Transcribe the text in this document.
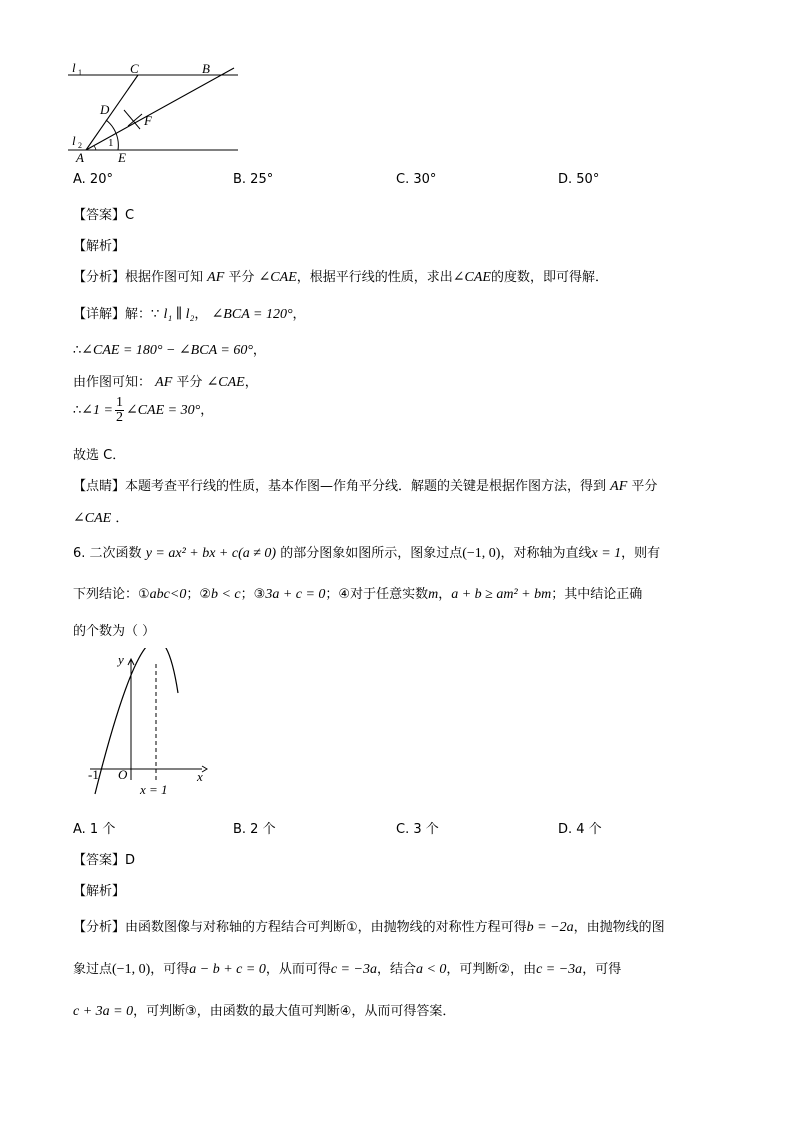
l 1	C	B
D
F
l 2 1
A	E
A. 20°	B. 25°	C. 30°	D. 50°
【答案】C
【解析】
【分析】根据作图可知 AF 平分 ∠CAE，根据平行线的性质，求出∠CAE的度数，即可得解．
【详解】解：∵ l₁ ∥ l₂， ∠BCA = 120°，
∴∠CAE = 180° − ∠BCA = 60°，
由作图可知： AF 平分 ∠CAE，
∴∠1 = $\frac{1}{2}$ ∠CAE = 30°，
故选 C．
【点睛】本题考查平行线的性质，基本作图—作角平分线．解题的关键是根据作图方法，得到 AF 平分
∠CAE ．
6. 二次函数 y = ax² + bx + c(a ≠ 0) 的部分图象如图所示，图象过点(−1, 0)，对称轴为直线x = 1，则有
下列结论：①abc<0；②b < c；③3a + c = 0；④对于任意实数m，a + b ≥ am² + bm；其中结论正确
的个数为（ ）
y
x
-1 O
x = 1
A. 1 个	B. 2 个	C. 3 个	D. 4 个
【答案】D
【解析】
【分析】由函数图像与对称轴的方程结合可判断①，由抛物线的对称性方程可得b = −2a，由抛物线的图
象过点(−1, 0)，可得a − b + c = 0，从而可得c = −3a，结合a < 0，可判断②，由c = −3a，可得
c + 3a = 0，可判断③，由函数的最大值可判断④，从而可得答案．
